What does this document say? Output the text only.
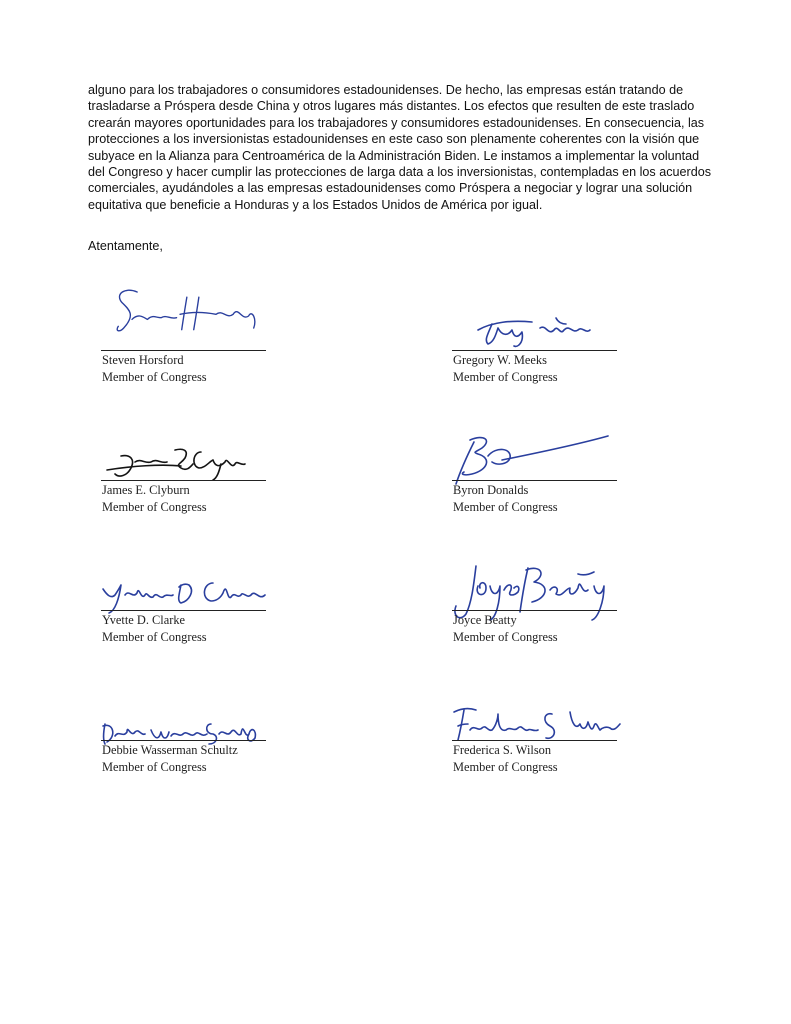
alguno para los trabajadores o consumidores estadounidenses. De hecho, las empresas están tratando de trasladarse a Próspera desde China y otros lugares más distantes. Los efectos que resulten de este traslado crearán mayores oportunidades para los trabajadores y consumidores estadounidenses. En consecuencia, las protecciones a los inversionistas estadounidenses en este caso son plenamente coherentes con la visión que subyace en la Alianza para Centroamérica de la Administración Biden. Le instamos a implementar la voluntad del Congreso y hacer cumplir las protecciones de larga data a los inversionistas, contempladas en los acuerdos comerciales, ayudándoles a las empresas estadounidenses como Próspera a negociar y lograr una solución equitativa que beneficie a Honduras y a los Estados Unidos de América por igual.

Atentamente,

Steven Horsford
Member of Congress
Gregory W. Meeks
Member of Congress
James E. Clyburn
Member of Congress
Byron Donalds
Member of Congress
Yvette D. Clarke
Member of Congress
Joyce Beatty
Member of Congress
Debbie Wasserman Schultz
Member of Congress
Frederica S. Wilson
Member of Congress
